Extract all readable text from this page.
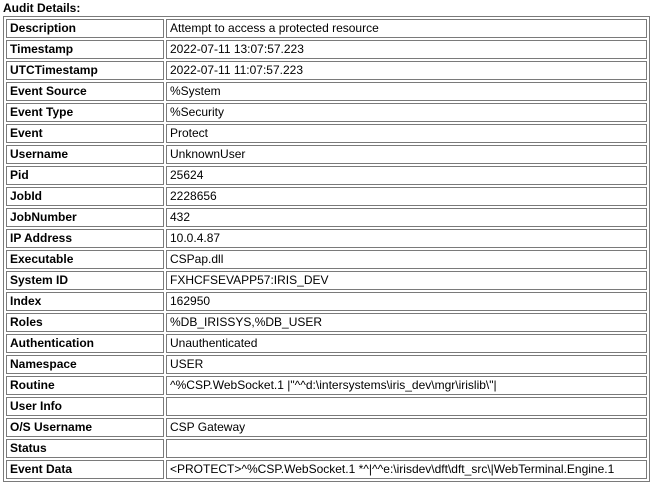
Audit Details:
Description	Attempt to access a protected resource
Timestamp	2022-07-11 13:07:57.223
UTCTimestamp	2022-07-11 11:07:57.223
Event Source	%System
Event Type	%Security
Event	Protect
Username	UnknownUser
Pid	25624
JobId	2228656
JobNumber	432
IP Address	10.0.4.87
Executable	CSPap.dll
System ID	FXHCFSEVAPP57:IRIS_DEV
Index	162950
Roles	%DB_IRISSYS,%DB_USER
Authentication	Unauthenticated
Namespace	USER
Routine	^%CSP.WebSocket.1 |"^^d:\intersystems\iris_dev\mgr\irislib\"|
User Info	
O/S Username	CSP Gateway
Status	
Event Data	<PROTECT>^%CSP.WebSocket.1 *^|^^e:\irisdev\dft\dft_src\|WebTerminal.Engine.1
